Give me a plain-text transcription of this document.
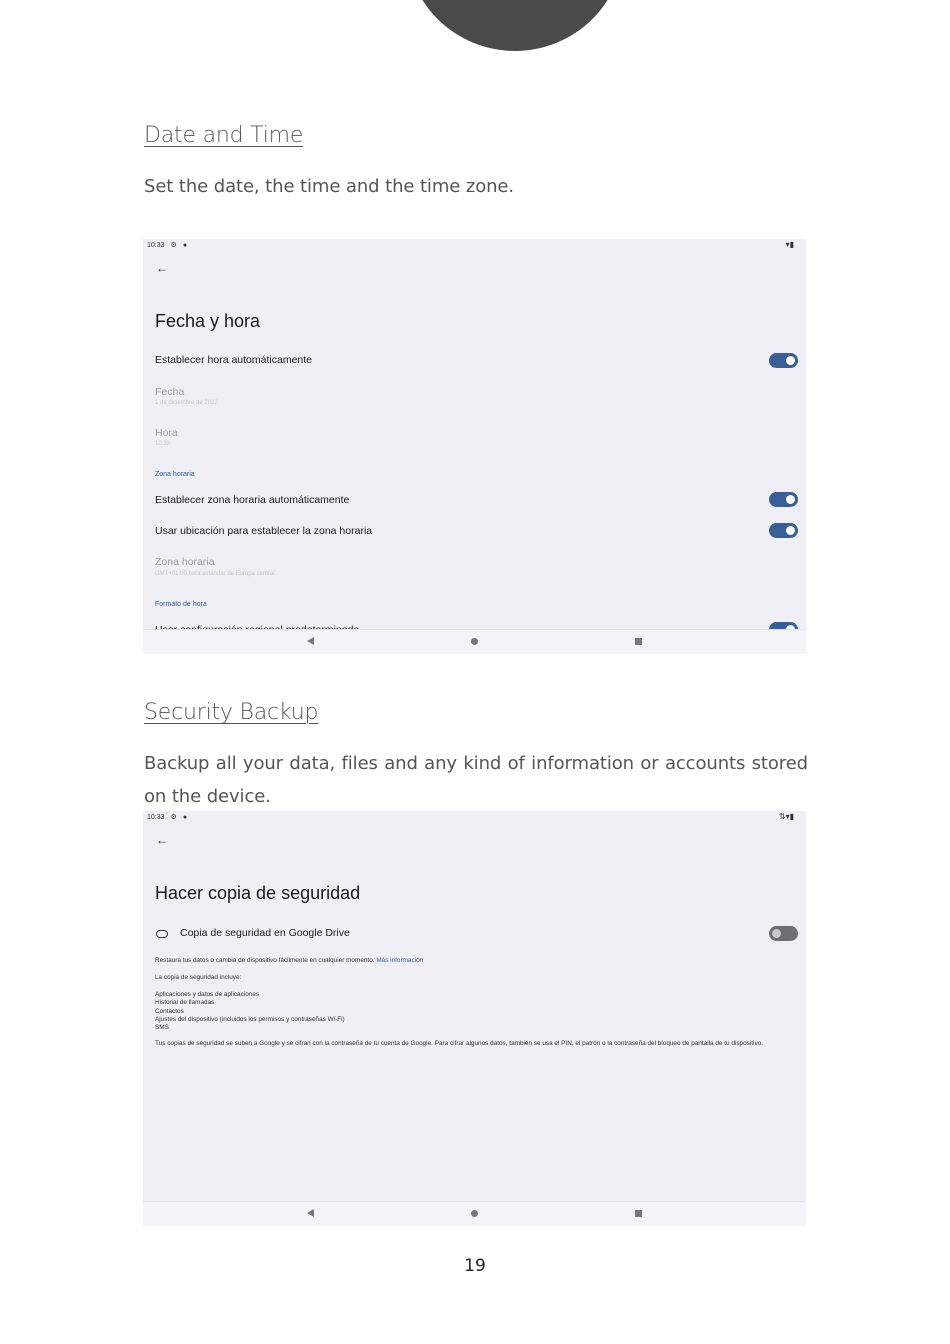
Date and Time
Set the date, the time and the time zone.
10:33 ⚙ ●	▾▮
←
Fecha y hora
Establecer hora automáticamente
Fecha
1 de diciembre de 2022
Hora
10:33
Zona horaria
Establecer zona horaria automáticamente
Usar ubicación para establecer la zona horaria
Zona horaria
GMT+01:00 hora estándar de Europa central
Formato de hora
Security Backup
Backup all your data, files and any kind of information or accounts stored on the device.
10:33 ⚙ ●	⇅▾▮
←
Hacer copia de seguridad
Copia de seguridad en Google Drive
Restaura tus datos o cambia de dispositivo fácilmente en cualquier momento. Más información
La copia de seguridad incluye:
Aplicaciones y datos de aplicaciones
Historial de llamadas
Contactos
Ajustes del dispositivo (incluidos los permisos y contraseñas Wi-Fi)
SMS
Tus copias de seguridad se suben a Google y se cifran con la contraseña de tu cuenta de Google. Para cifrar algunos datos, también se usa el PIN, el patrón o la contraseña del bloqueo de pantalla de tu dispositivo.
19
